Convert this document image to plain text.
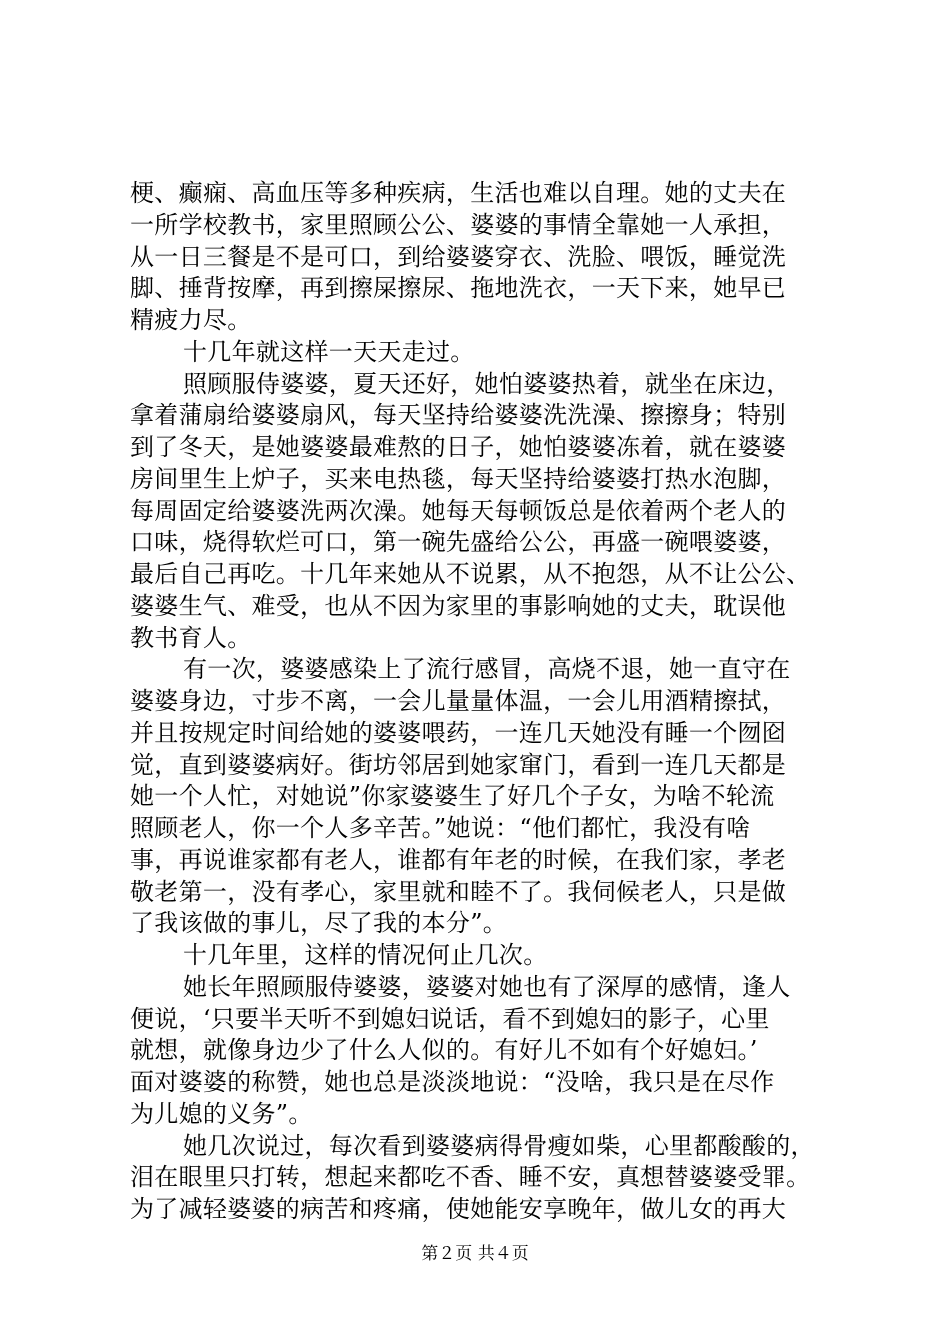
梗、癫痫、高血压等多种疾病，生活也难以自理。她的丈夫在
一所学校教书，家里照顾公公、婆婆的事情全靠她一人承担，
从一日三餐是不是可口，到给婆婆穿衣、洗脸、喂饭，睡觉洗
脚、捶背按摩，再到擦屎擦尿、拖地洗衣，一天下来，她早已
精疲力尽。
十几年就这样一天天走过。
照顾服侍婆婆，夏天还好，她怕婆婆热着，就坐在床边，
拿着蒲扇给婆婆扇风，每天坚持给婆婆洗洗澡、擦擦身；特别
到了冬天，是她婆婆最难熬的日子，她怕婆婆冻着，就在婆婆
房间里生上炉子，买来电热毯，每天坚持给婆婆打热水泡脚，
每周固定给婆婆洗两次澡。她每天每顿饭总是依着两个老人的
口味，烧得软烂可口，第一碗先盛给公公，再盛一碗喂婆婆，
最后自己再吃。十几年来她从不说累，从不抱怨，从不让公公、
婆婆生气、难受，也从不因为家里的事影响她的丈夫，耽误他
教书育人。
有一次，婆婆感染上了流行感冒，高烧不退，她一直守在
婆婆身边，寸步不离，一会儿量量体温，一会儿用酒精擦拭，
并且按规定时间给她的婆婆喂药，一连几天她没有睡一个囫囵
觉，直到婆婆病好。街坊邻居到她家窜门，看到一连几天都是
她一个人忙，对她说”你家婆婆生了好几个子女，为啥不轮流
照顾老人，你一个人多辛苦。”她说：“他们都忙，我没有啥
事，再说谁家都有老人，谁都有年老的时候，在我们家，孝老
敬老第一，没有孝心，家里就和睦不了。我伺候老人，只是做
了我该做的事儿，尽了我的本分”。
十几年里，这样的情况何止几次。
她长年照顾服侍婆婆，婆婆对她也有了深厚的感情，逢人
便说，‘只要半天听不到媳妇说话，看不到媳妇的影子，心里
就想，就像身边少了什么人似的。有好儿不如有个好媳妇。’
面对婆婆的称赞，她也总是淡淡地说：“没啥，我只是在尽作
为儿媳的义务”。
她几次说过，每次看到婆婆病得骨瘦如柴，心里都酸酸的，
泪在眼里只打转，想起来都吃不香、睡不安，真想替婆婆受罪。
为了减轻婆婆的病苦和疼痛，使她能安享晚年，做儿女的再大
第２页 共４页
